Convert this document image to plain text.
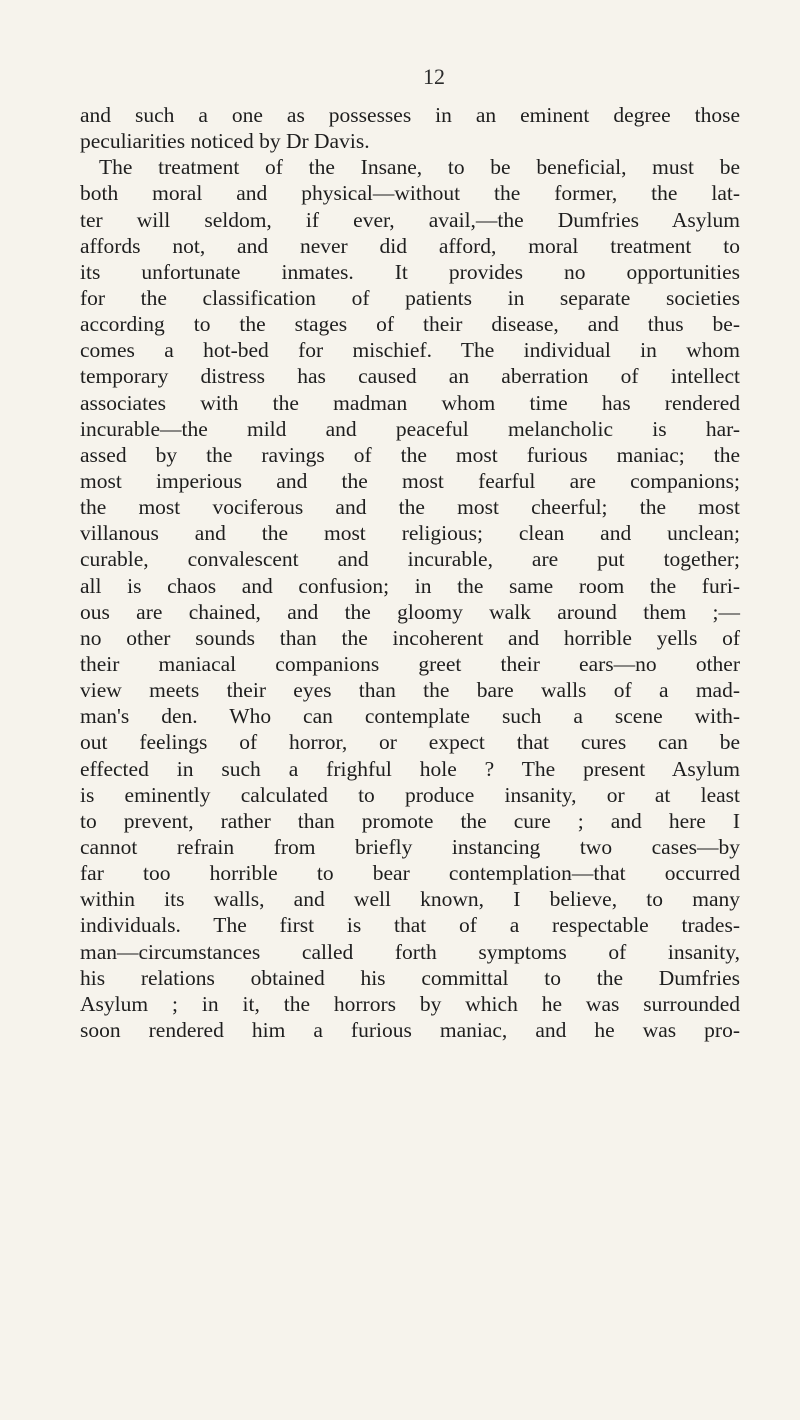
12
and such a one as possesses in an eminent degree those
peculiarities noticed by Dr Davis.
The treatment of the Insane, to be beneficial, must be
both moral and physical—without the former, the lat-
ter will seldom, if ever, avail,—the Dumfries Asylum
affords not, and never did afford, moral treatment to
its unfortunate inmates. It provides no opportunities
for the classification of patients in separate societies
according to the stages of their disease, and thus be-
comes a hot-bed for mischief. The individual in whom
temporary distress has caused an aberration of intellect
associates with the madman whom time has rendered
incurable—the mild and peaceful melancholic is har-
assed by the ravings of the most furious maniac; the
most imperious and the most fearful are companions;
the most vociferous and the most cheerful; the most
villanous and the most religious; clean and unclean;
curable, convalescent and incurable, are put together;
all is chaos and confusion; in the same room the furi-
ous are chained, and the gloomy walk around them ;—
no other sounds than the incoherent and horrible yells of
their maniacal companions greet their ears—no other
view meets their eyes than the bare walls of a mad-
man's den. Who can contemplate such a scene with-
out feelings of horror, or expect that cures can be
effected in such a frighful hole ? The present Asylum
is eminently calculated to produce insanity, or at least
to prevent, rather than promote the cure ; and here I
cannot refrain from briefly instancing two cases—by
far too horrible to bear contemplation—that occurred
within its walls, and well known, I believe, to many
individuals. The first is that of a respectable trades-
man—circumstances called forth symptoms of insanity,
his relations obtained his committal to the Dumfries
Asylum ; in it, the horrors by which he was surrounded
soon rendered him a furious maniac, and he was pro-
